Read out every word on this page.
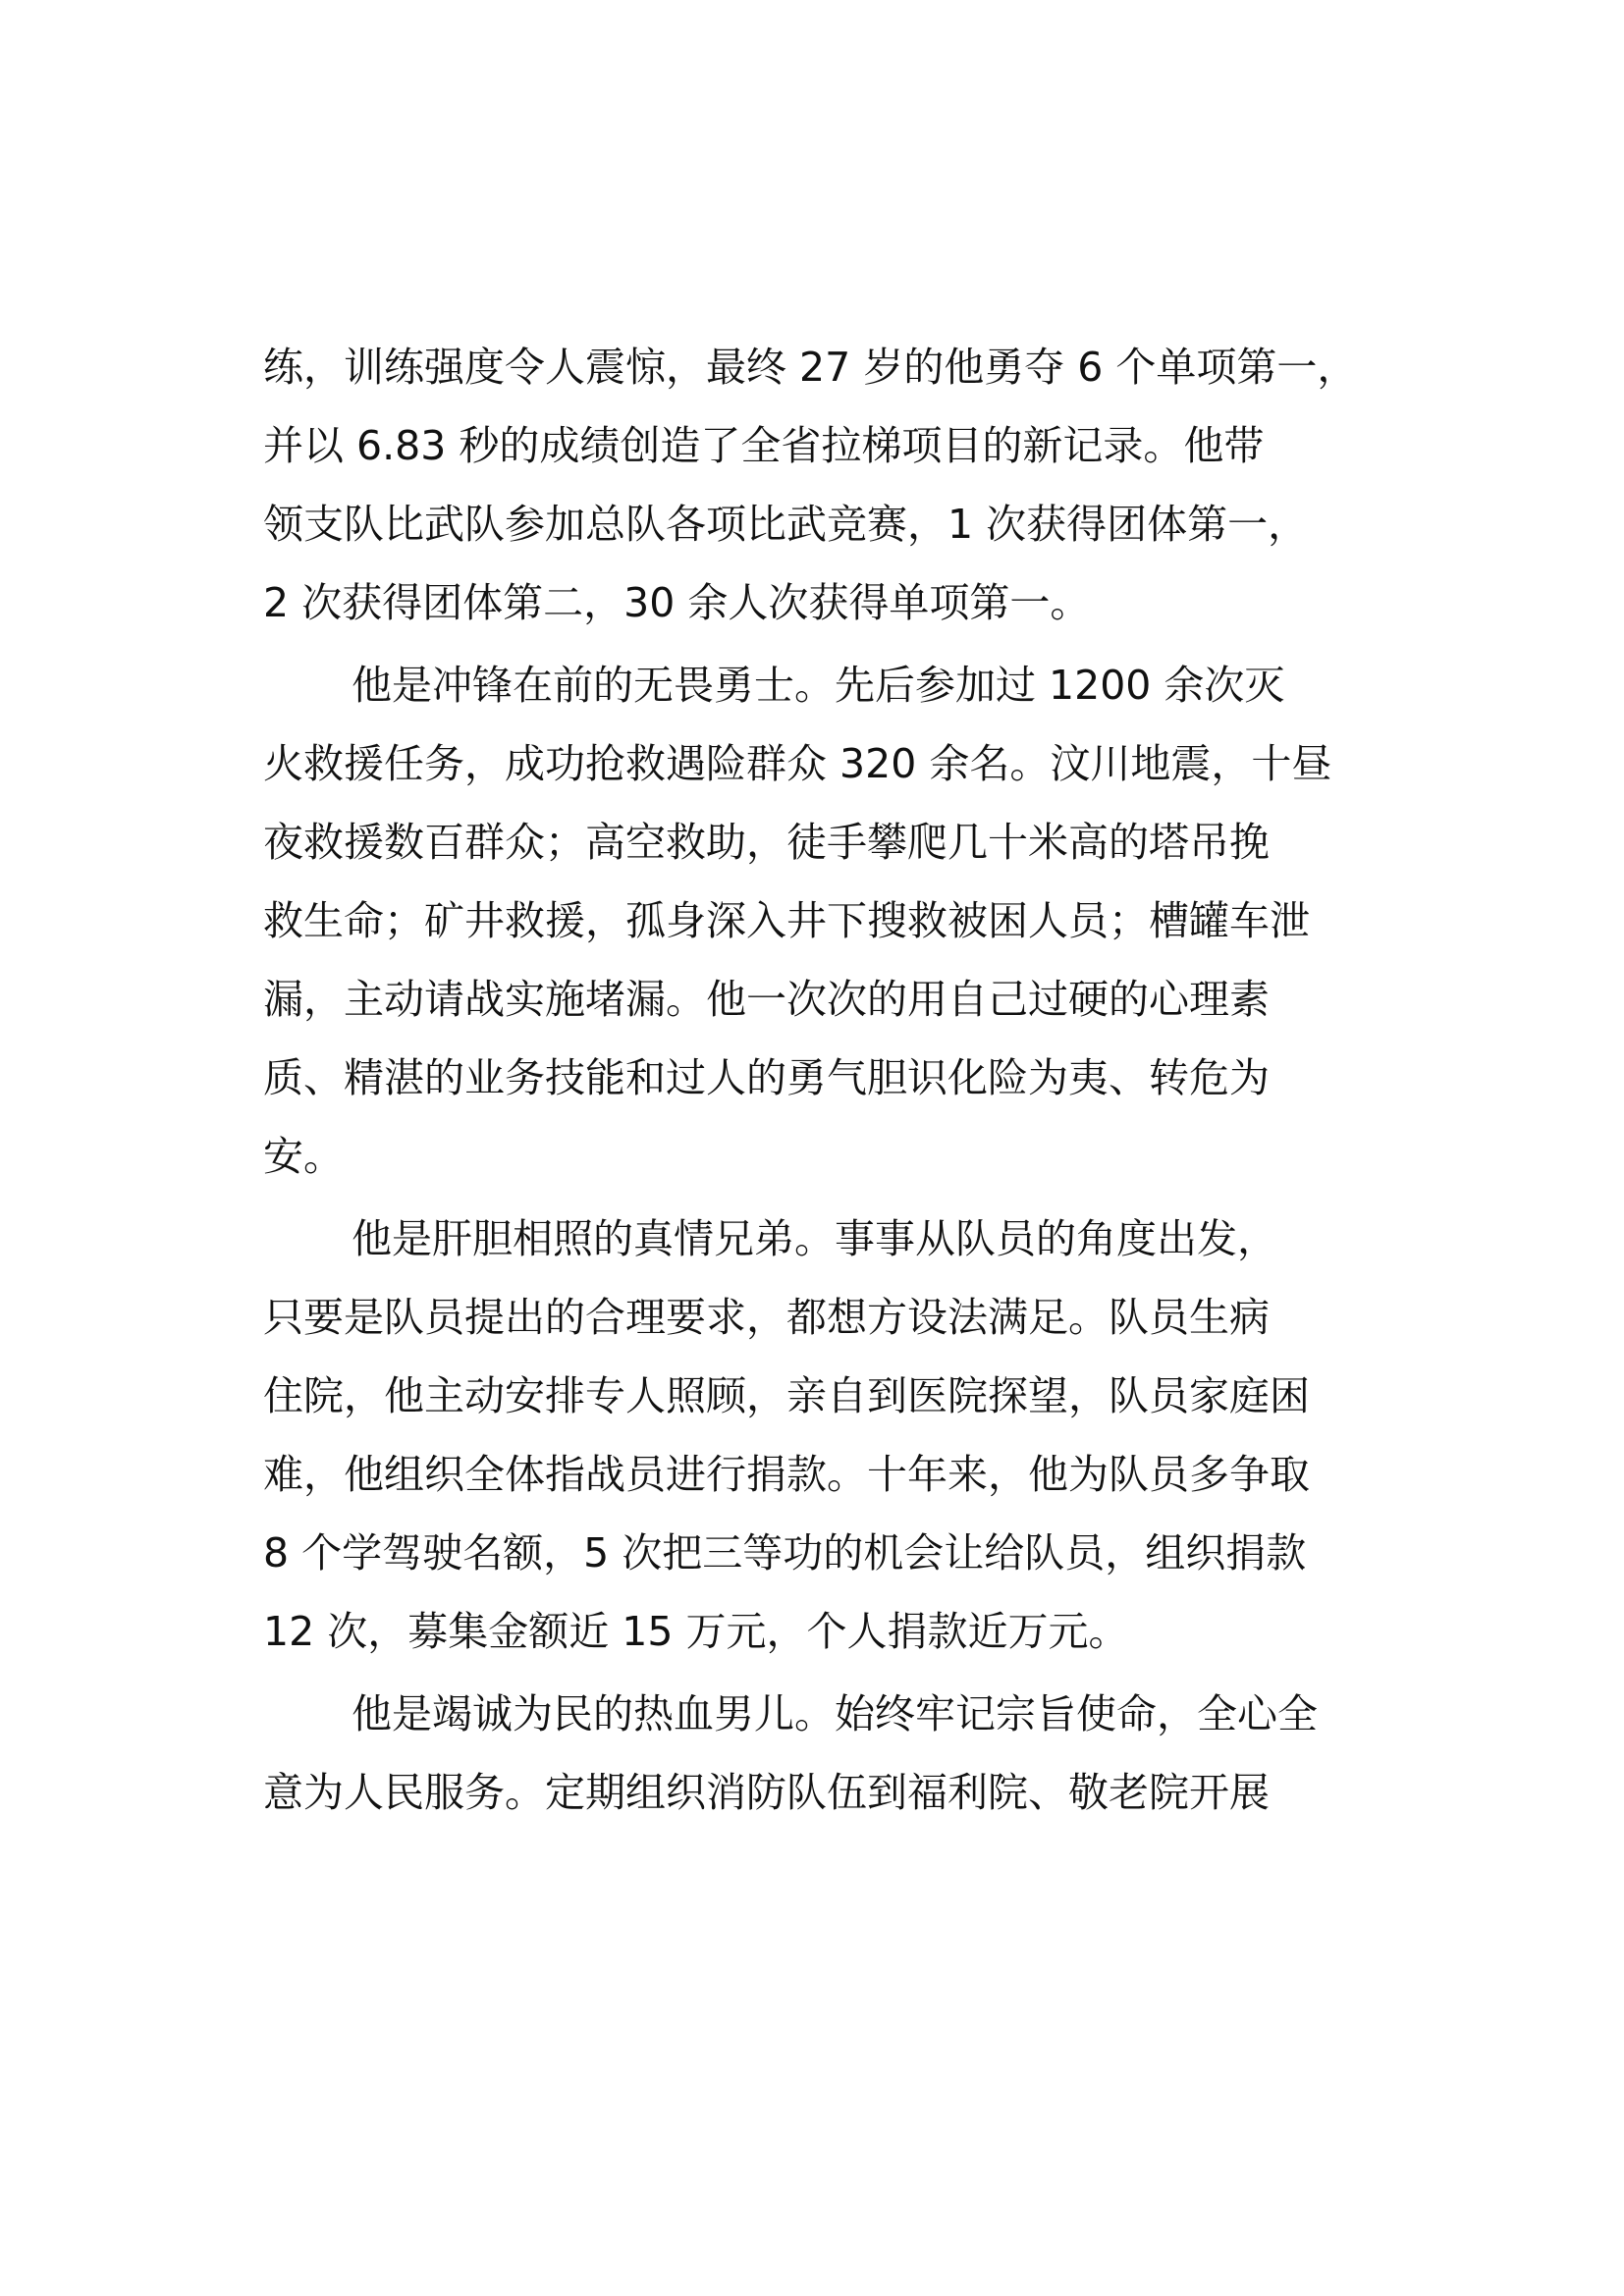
练，训练强度令人震惊，最终 27 岁的他勇夺 6 个单项第一，
并以 6.83 秒的成绩创造了全省拉梯项目的新记录。他带
领支队比武队参加总队各项比武竞赛，1 次获得团体第一，
2 次获得团体第二，30 余人次获得单项第一。
他是冲锋在前的无畏勇士。先后参加过 1200 余次灭
火救援任务，成功抢救遇险群众 320 余名。汶川地震，十昼
夜救援数百群众；高空救助，徒手攀爬几十米高的塔吊挽
救生命；矿井救援，孤身深入井下搜救被困人员；槽罐车泄
漏，主动请战实施堵漏。他一次次的用自己过硬的心理素
质、精湛的业务技能和过人的勇气胆识化险为夷、转危为
安。
他是肝胆相照的真情兄弟。事事从队员的角度出发，
只要是队员提出的合理要求，都想方设法满足。队员生病
住院，他主动安排专人照顾，亲自到医院探望，队员家庭困
难，他组织全体指战员进行捐款。十年来，他为队员多争取
8 个学驾驶名额，5 次把三等功的机会让给队员，组织捐款
12 次，募集金额近 15 万元，个人捐款近万元。
他是竭诚为民的热血男儿。始终牢记宗旨使命，全心全
意为人民服务。定期组织消防队伍到福利院、敬老院开展
